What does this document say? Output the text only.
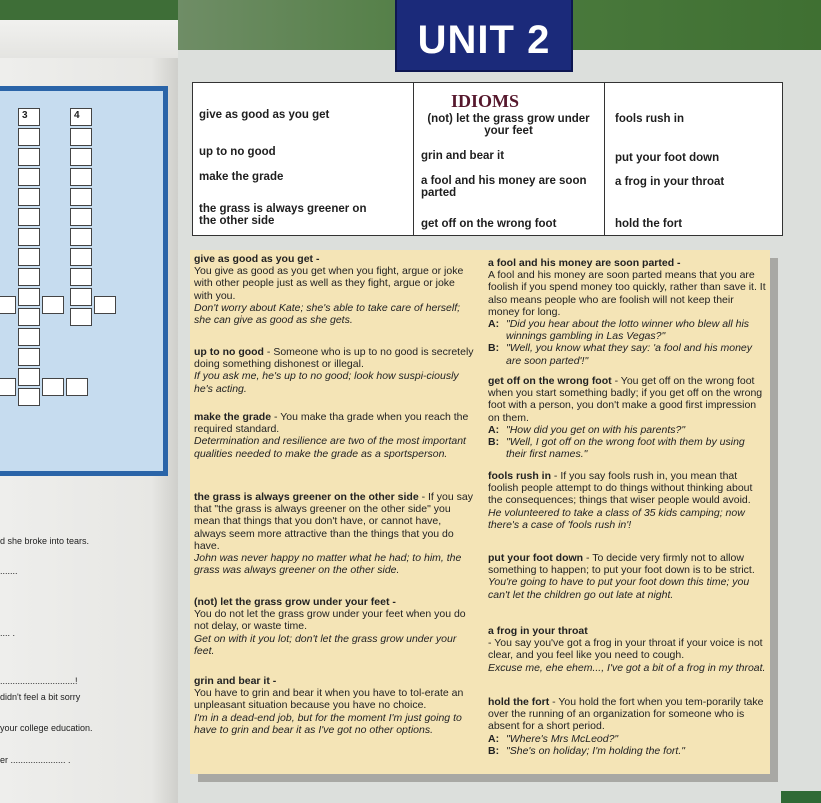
3	4
d she broke into tears.
.......
.... .
..............................!
didn't feel a bit sorry
your college education.
er ...................... .
UNIT 2
IDIOMS
give as good as you get
up to no good
make the grade
the grass is always greener on the other side
(not) let the grass grow under your feet
grin and bear it
a fool and his money are soon parted
get off on the wrong foot
fools rush in
put your foot down
a frog in your throat
hold the fort
give as good as you get -
You give as good as you get when you fight, argue or joke with other people just as well as they fight, argue or joke with you.
Don't worry about Kate; she's able to take care of herself; she can give as good as she gets.
up to no good - Someone who is up to no good is secretely doing something dishonest or illegal.
If you ask me, he's up to no good; look how suspi-ciously he's acting.
make the grade - You make tha grade when you reach the required standard.
Determination and resilience are two of the most important qualities needed to make the grade as a sportsperson.
the grass is always greener on the other side - If you say that "the grass is always greener on the other side" you mean that things that you don't have, or cannot have, always seem more attractive than the things that you do have.
John was never happy no matter what he had; to him, the grass was always greener on the other side.
(not) let the grass grow under your feet -
You do not let the grass grow under your feet when you do not delay, or waste time.
Get on with it you lot; don't let the grass grow under your feet.
grin and bear it -
You have to grin and bear it when you have to tol-erate an unpleasant situation because you have no choice.
I'm in a dead-end job, but for the moment I'm just going to have to grin and bear it as I've got no other options.
a fool and his money are soon parted -
A fool and his money are soon parted means that you are foolish if you spend money too quickly, rather than save it. It also means people who are foolish will not keep their money for long.
A: "Did you hear about the lotto winner who blew all his winnings gambling in Las Vegas?"
B: "Well, you know what they say: 'a fool and his money are soon parted'!"
get off on the wrong foot - You get off on the wrong foot when you start something badly; if you get off on the wrong foot with a person, you don't make a good first impression on them.
A: "How did you get on with his parents?"
B: "Well, I got off on the wrong foot with them by using their first names."
fools rush in - If you say fools rush in, you mean that foolish people attempt to do things without thinking about the consequences; things that wiser people would avoid.
He volunteered to take a class of 35 kids camping; now there's a case of 'fools rush in'!
put your foot down - To decide very firmly not to allow something to happen; to put your foot down is to be strict.
You're going to have to put your foot down this time; you can't let the children go out late at night.
a frog in your throat
- You say you've got a frog in your throat if your voice is not clear, and you feel like you need to cough.
Excuse me, ehe ehem..., I've got a bit of a frog in my throat.
hold the fort - You hold the fort when you tem-porarily take over the running of an organization for someone who is absent for a short period.
A: "Where's Mrs McLeod?"
B: "She's on holiday; I'm holding the fort."
